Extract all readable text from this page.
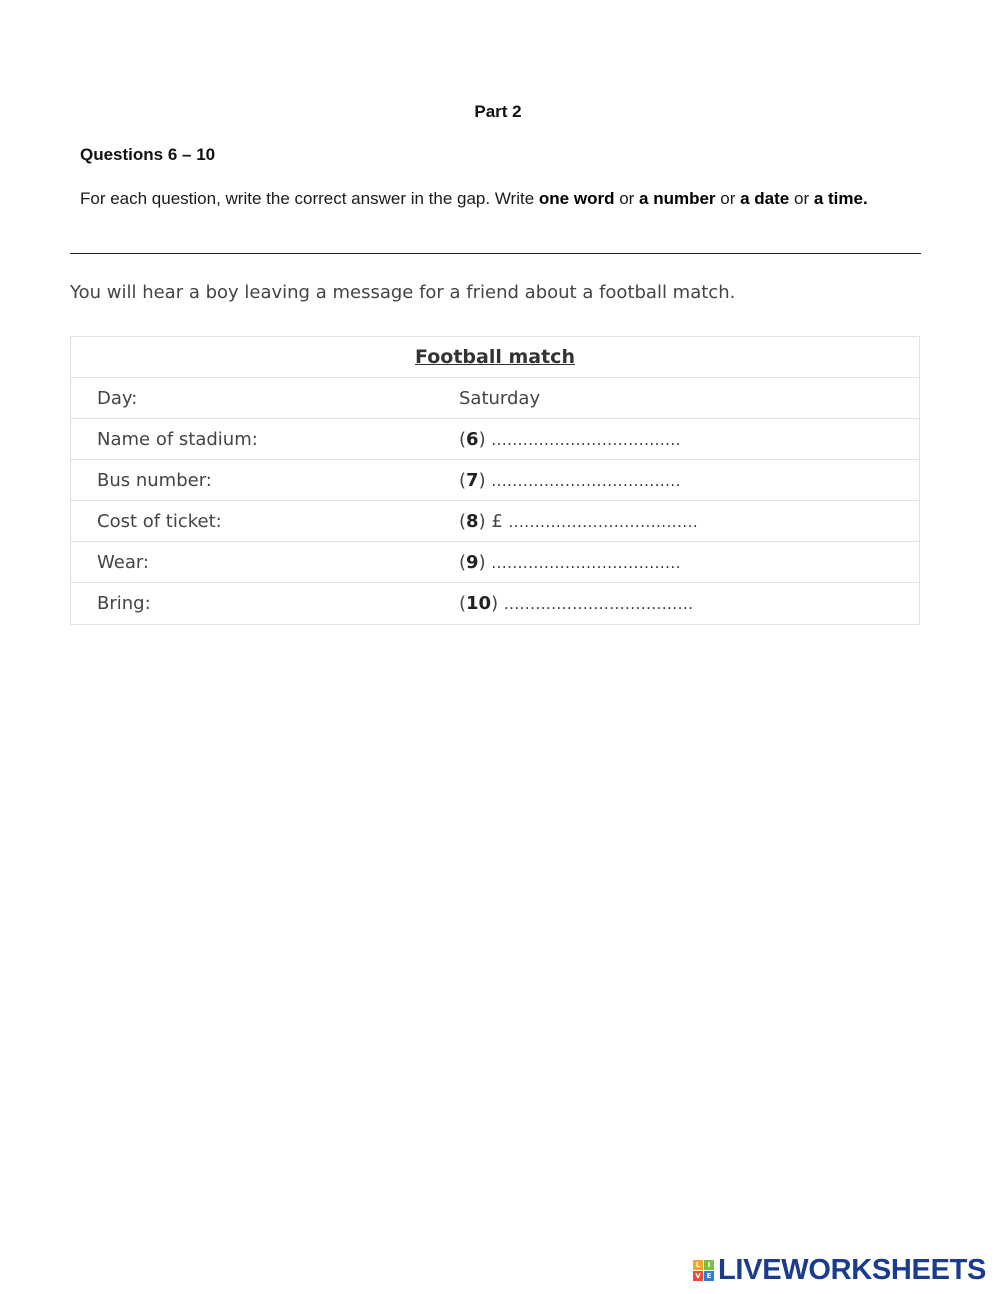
Part 2
Questions 6 – 10
For each question, write the correct answer in the gap. Write one word or a number or a date or a time.
You will hear a boy leaving a message for a friend about a football match.
Football match
Day:	Saturday
Name of stadium:	(6) ....................................
Bus number:	(7) ....................................
Cost of ticket:	(8) £ ....................................
Wear:	(9) ....................................
Bring:	(10) ....................................
L	I
V E LIVEWORKSHEETS
